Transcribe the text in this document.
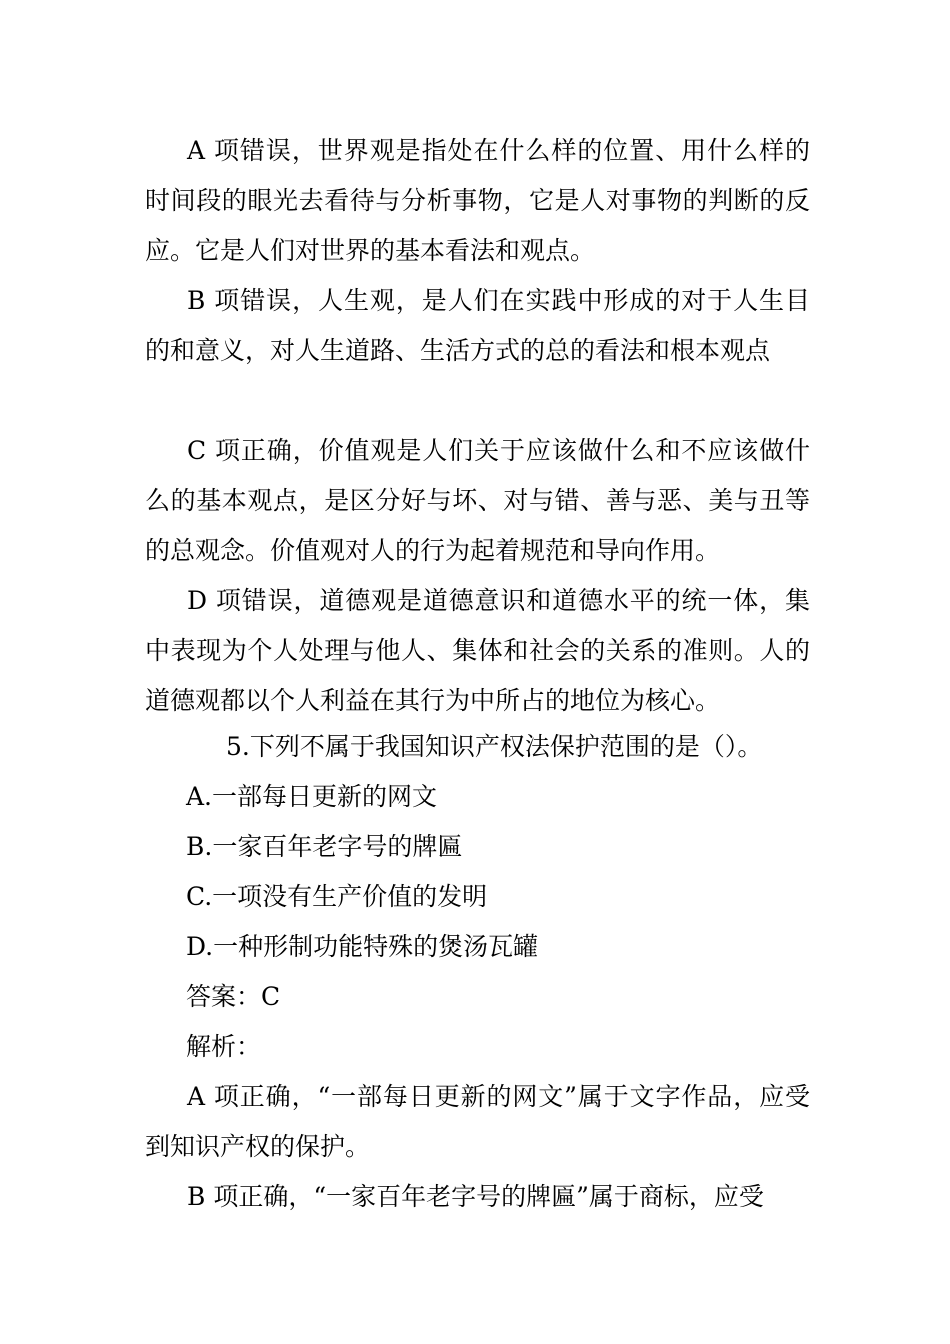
A 项错误，世界观是指处在什么样的位置、用什么样的时间段的眼光去看待与分析事物，它是人对事物的判断的反应。它是人们对世界的基本看法和观点。

B 项错误，人生观，是人们在实践中形成的对于人生目的和意义，对人生道路、生活方式的总的看法和根本观点

C 项正确，价值观是人们关于应该做什么和不应该做什么的基本观点，是区分好与坏、对与错、善与恶、美与丑等的总观念。价值观对人的行为起着规范和导向作用。

D 项错误，道德观是道德意识和道德水平的统一体，集中表现为个人处理与他人、集体和社会的关系的准则。人的道德观都以个人利益在其行为中所占的地位为核心。

5.下列不属于我国知识产权法保护范围的是（）。

A.一部每日更新的网文

B.一家百年老字号的牌匾

C.一项没有生产价值的发明

D.一种形制功能特殊的煲汤瓦罐

答案：C

解析：

A 项正确，“一部每日更新的网文”属于文字作品，应受到知识产权的保护。

B 项正确，“一家百年老字号的牌匾”属于商标，应受
